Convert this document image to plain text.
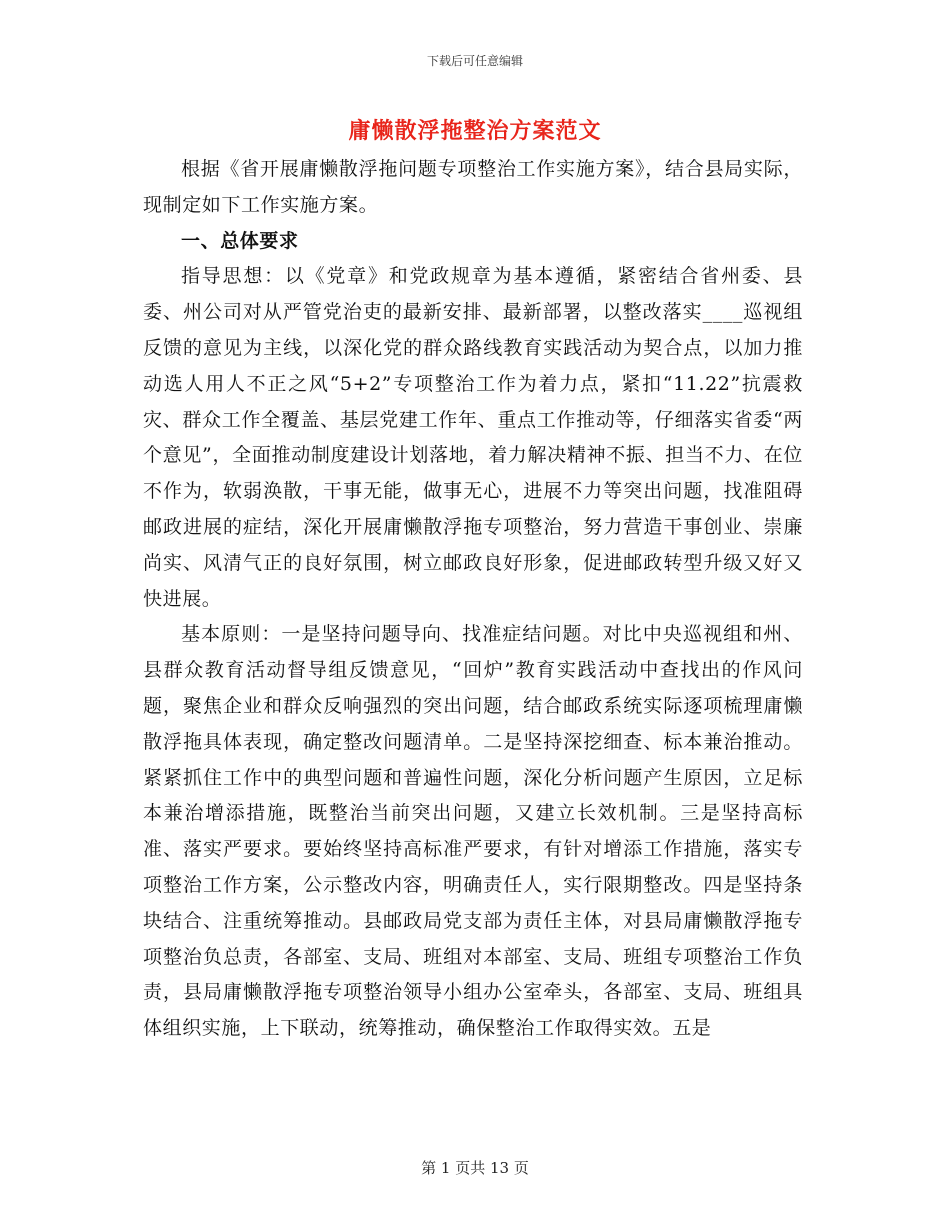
下载后可任意编辑
庸懒散浮拖整治方案范文

根据《省开展庸懒散浮拖问题专项整治工作实施方案》，结合县局实际，现制定如下工作实施方案。

一、总体要求

指导思想：以《党章》和党政规章为基本遵循，紧密结合省州委、县委、州公司对从严管党治吏的最新安排、最新部署，以整改落实____巡视组反馈的意见为主线，以深化党的群众路线教育实践活动为契合点，以加力推动选人用人不正之风“5+2”专项整治工作为着力点，紧扣“11.22”抗震救灾、群众工作全覆盖、基层党建工作年、重点工作推动等，仔细落实省委“两个意见”，全面推动制度建设计划落地，着力解决精神不振、担当不力、在位不作为，软弱涣散，干事无能，做事无心，进展不力等突出问题，找准阻碍邮政进展的症结，深化开展庸懒散浮拖专项整治，努力营造干事创业、崇廉尚实、风清气正的良好氛围，树立邮政良好形象，促进邮政转型升级又好又快进展。

基本原则：一是坚持问题导向、找准症结问题。对比中央巡视组和州、县群众教育活动督导组反馈意见，“回炉”教育实践活动中查找出的作风问题，聚焦企业和群众反响强烈的突出问题，结合邮政系统实际逐项梳理庸懒散浮拖具体表现，确定整改问题清单。二是坚持深挖细查、标本兼治推动。紧紧抓住工作中的典型问题和普遍性问题，深化分析问题产生原因，立足标本兼治增添措施，既整治当前突出问题，又建立长效机制。三是坚持高标准、落实严要求。要始终坚持高标准严要求，有针对增添工作措施，落实专项整治工作方案，公示整改内容，明确责任人，实行限期整改。四是坚持条块结合、注重统筹推动。县邮政局党支部为责任主体，对县局庸懒散浮拖专项整治负总责，各部室、支局、班组对本部室、支局、班组专项整治工作负责，县局庸懒散浮拖专项整治领导小组办公室牵头，各部室、支局、班组具体组织实施，上下联动，统筹推动，确保整治工作取得实效。五是

第 1 页共 13 页
